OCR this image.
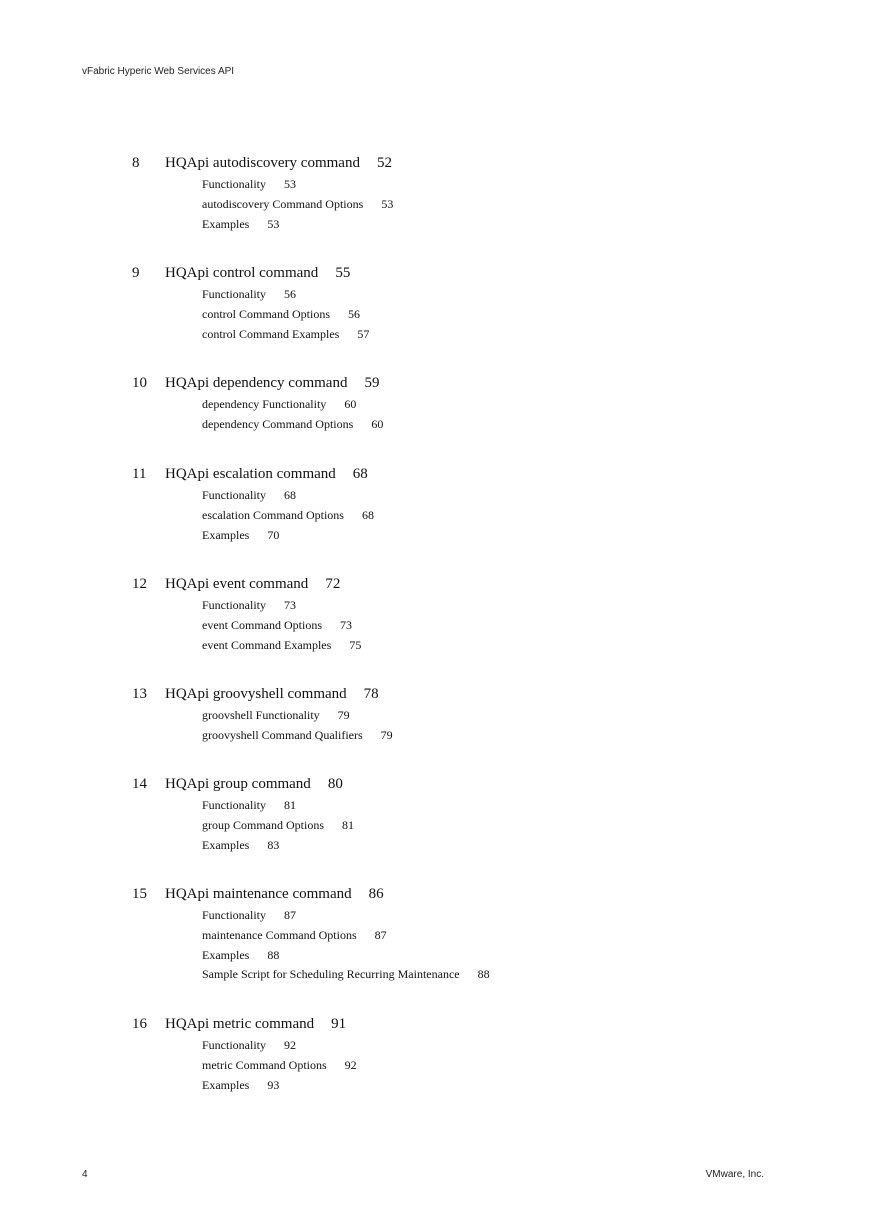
vFabric Hyperic Web Services API
8	HQApi autodiscovery command 52
Functionality 53
autodiscovery Command Options 53
Examples 53
9	HQApi control command 55
Functionality 56
control Command Options 56
control Command Examples 57
10	HQApi dependency command 59
dependency Functionality 60
dependency Command Options 60
11	HQApi escalation command 68
Functionality 68
escalation Command Options 68
Examples 70
12	HQApi event command 72
Functionality 73
event Command Options 73
event Command Examples 75
13	HQApi groovyshell command 78
groovshell Functionality 79
groovyshell Command Qualifiers 79
14	HQApi group command 80
Functionality 81
group Command Options 81
Examples 83
15	HQApi maintenance command 86
Functionality 87
maintenance Command Options 87
Examples 88
Sample Script for Scheduling Recurring Maintenance 88
16	HQApi metric command 91
Functionality 92
metric Command Options 92
Examples 93
4	VMware, Inc.
